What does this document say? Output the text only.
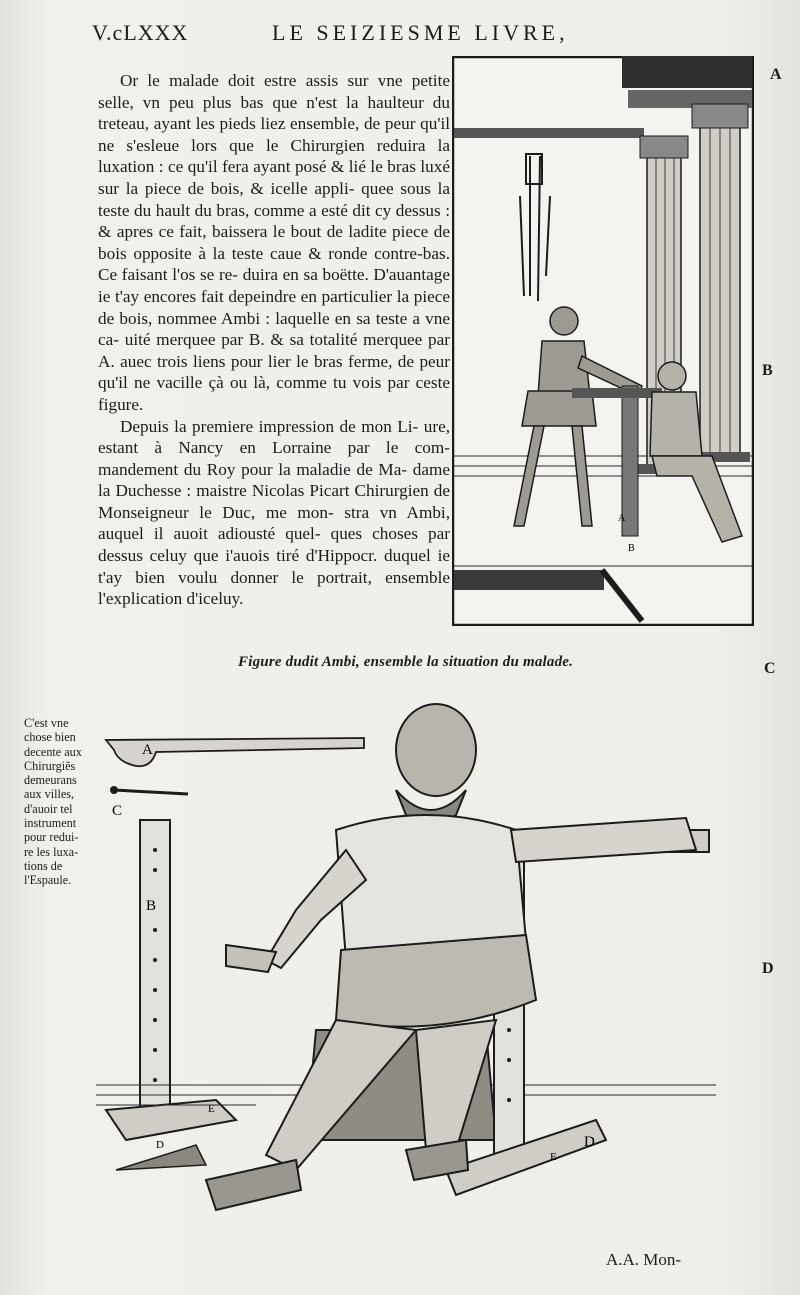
V.cLXXX	LE SEIZIESME LIVRE,

Or le malade doit estre assis sur vne petite selle, vn peu plus bas que n'est la haulteur du treteau, ayant les pieds liez ensemble, de peur qu'il ne s'esleue lors que le Chirurgien reduira la luxation : ce qu'il fera ayant posé & lié le bras luxé sur la piece de bois, & icelle appli- quee sous la teste du hault du bras, comme a esté dit cy dessus : & apres ce fait, baissera le bout de ladite piece de bois opposite à la teste caue & ronde contre-bas. Ce faisant l'os se re- duira en sa boëtte. D'auantage ie t'ay encores fait depeindre en particulier la piece de bois, nommee Ambi : laquelle en sa teste a vne ca- uité merquee par B. & sa totalité merquee par A. auec trois liens pour lier le bras ferme, de peur qu'il ne vacille çà ou là, comme tu vois par ceste figure.

Depuis la premiere impression de mon Li- ure, estant à Nancy en Lorraine par le com- mandement du Roy pour la maladie de Ma- dame la Duchesse : maistre Nicolas Picart Chirurgien de Monseigneur le Duc, me mon- stra vn Ambi, auquel il auoit adiousté quel- ques choses par dessus celuy que i'auois tiré d'Hippocr. duquel ie t'ay bien voulu donner le portrait, ensemble l'explication d'iceluy.

A
B
A
B
C
D
Figure dudit Ambi, ensemble la situation du malade.
C'est vne
chose bien
decente aux
Chirurgiẽs
demeurans
aux villes,
d'auoir tel
instrument
pour redui-
re les luxa-
tions de
l'Espaule.
A
C
B
E
D	D
E
A.A. Mon-
